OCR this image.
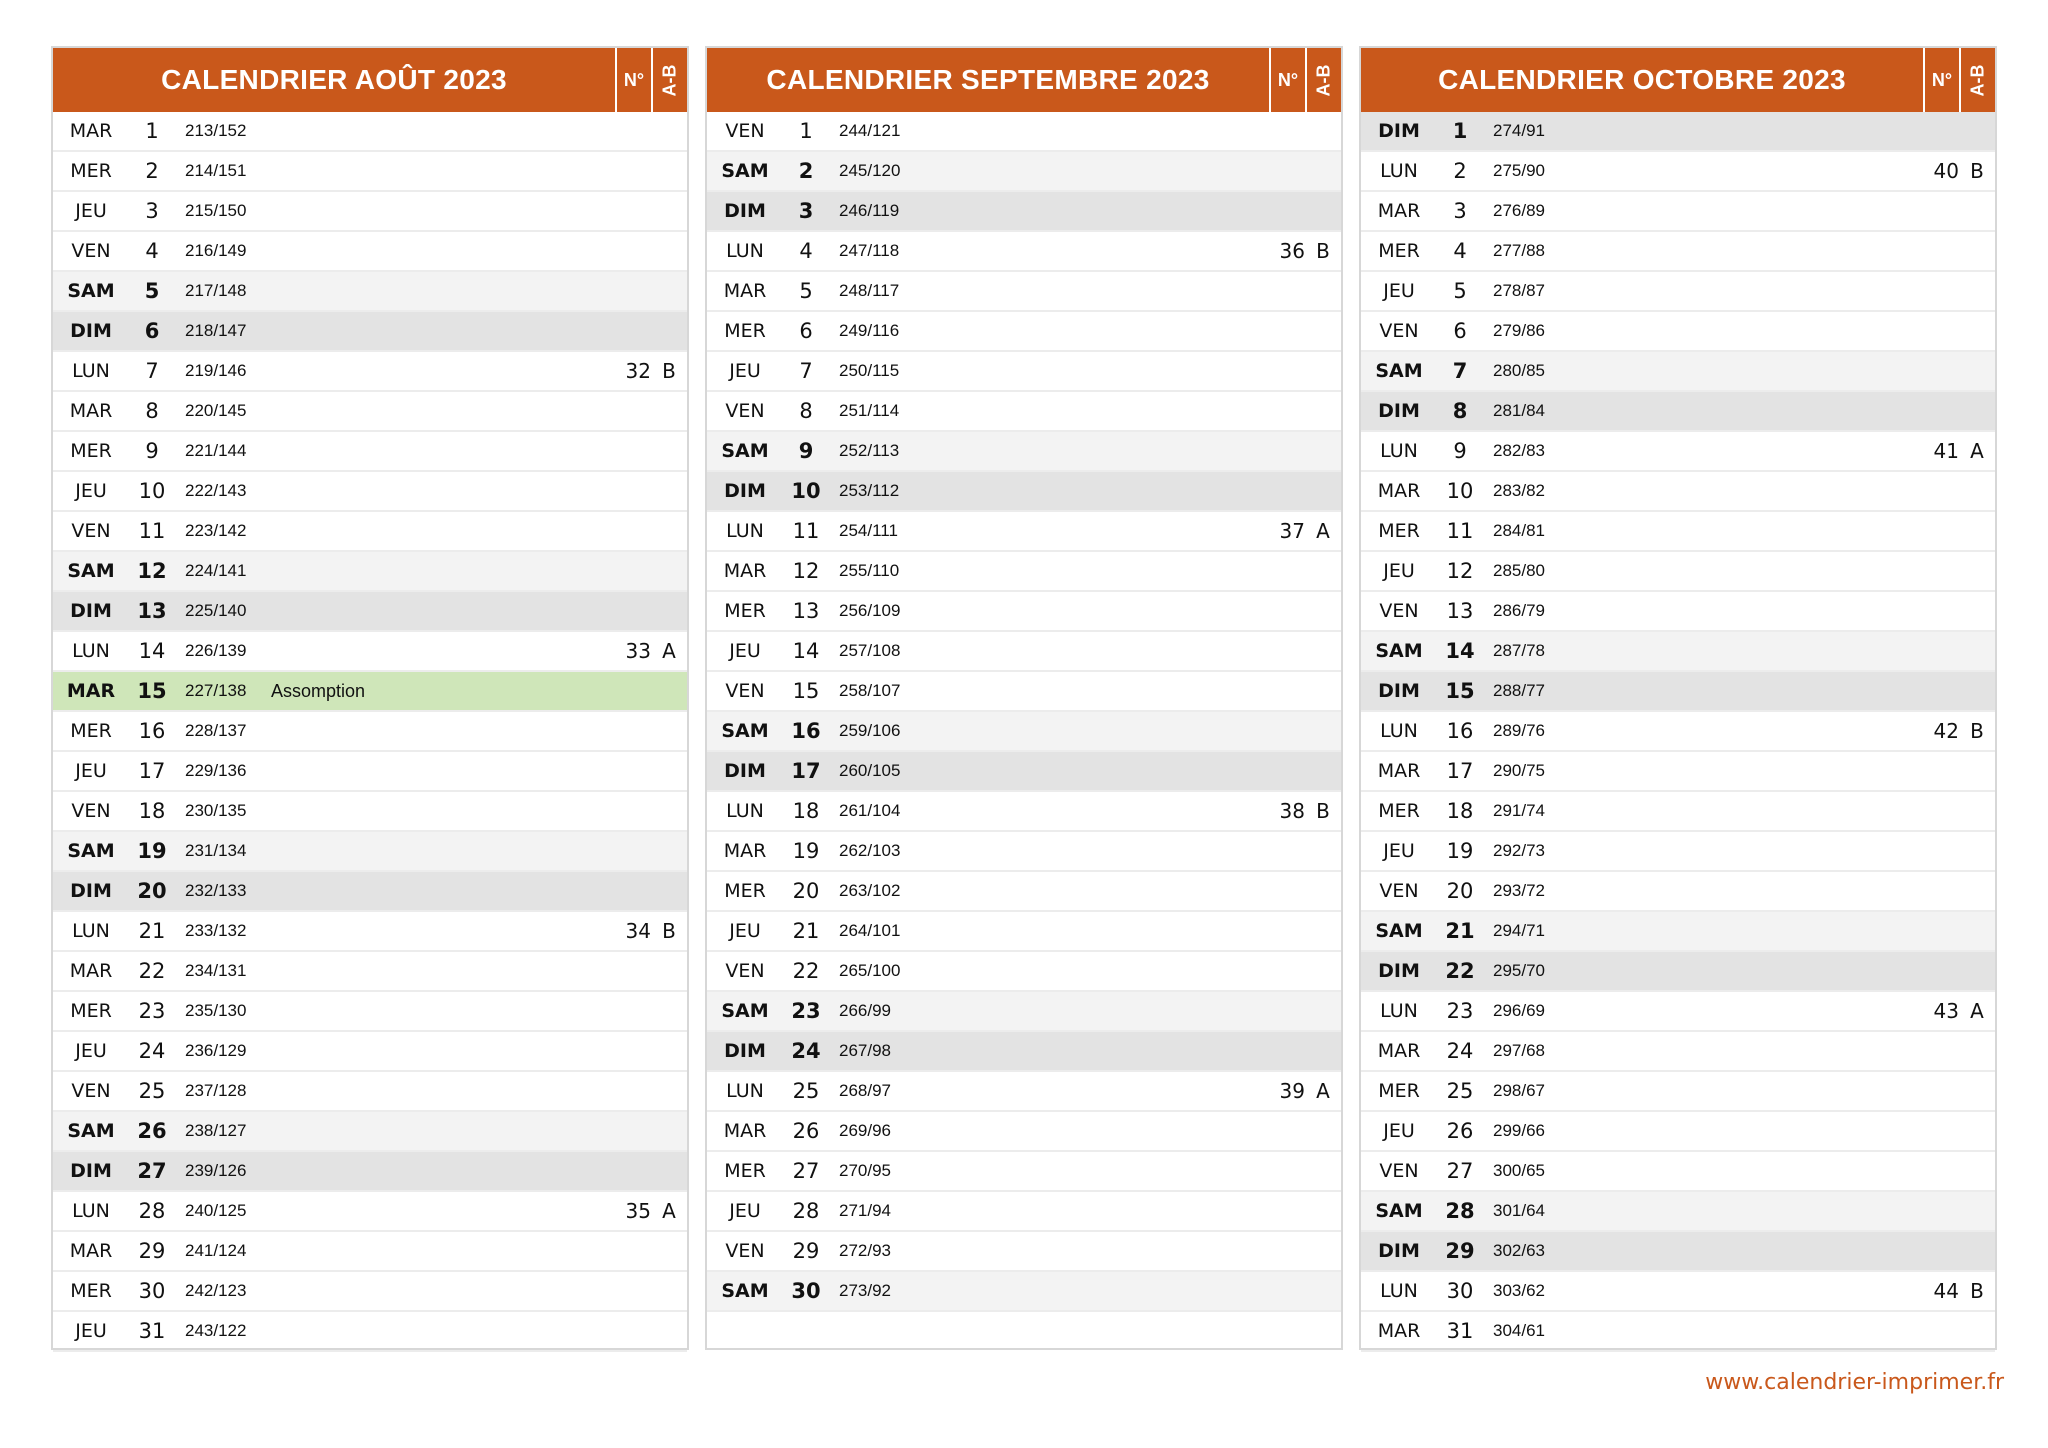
CALENDRIER AOÛT 2023	N° A-B
MAR	1	213/152
MER	2	214/151
JEU	3	215/150
VEN	4	216/149
SAM	5	217/148
DIM	6	218/147
LUN	7	219/146	32 B
MAR	8	220/145
MER	9	221/144
JEU	10	222/143
VEN	11	223/142
SAM	12	224/141
DIM	13	225/140
LUN	14	226/139	33 A
MAR	15	227/138	Assomption
MER	16	228/137
JEU	17	229/136
VEN	18	230/135
SAM	19	231/134
DIM	20	232/133
LUN	21	233/132	34 B
MAR	22	234/131
MER	23	235/130
JEU	24	236/129
VEN	25	237/128
SAM	26	238/127
DIM	27	239/126
LUN	28	240/125	35 A
MAR	29	241/124
MER	30	242/123
JEU	31	243/122
CALENDRIER SEPTEMBRE 2023	N° A-B
VEN	1	244/121
SAM	2	245/120
DIM	3	246/119
LUN	4	247/118	36 B
MAR	5	248/117
MER	6	249/116
JEU	7	250/115
VEN	8	251/114
SAM	9	252/113
DIM	10	253/112
LUN	11	254/111	37 A
MAR	12	255/110
MER	13	256/109
JEU	14	257/108
VEN	15	258/107
SAM	16	259/106
DIM	17	260/105
LUN	18	261/104	38 B
MAR	19	262/103
MER	20	263/102
JEU	21	264/101
VEN	22	265/100
SAM	23	266/99
DIM	24	267/98
LUN	25	268/97	39 A
MAR	26	269/96
MER	27	270/95
JEU	28	271/94
VEN	29	272/93
SAM	30	273/92
CALENDRIER OCTOBRE 2023	N° A-B
DIM	1	274/91
LUN	2	275/90	40 B
MAR	3	276/89
MER	4	277/88
JEU	5	278/87
VEN	6	279/86
SAM	7	280/85
DIM	8	281/84
LUN	9	282/83	41 A
MAR	10	283/82
MER	11	284/81
JEU	12	285/80
VEN	13	286/79
SAM	14	287/78
DIM	15	288/77
LUN	16	289/76	42 B
MAR	17	290/75
MER	18	291/74
JEU	19	292/73
VEN	20	293/72
SAM	21	294/71
DIM	22	295/70
LUN	23	296/69	43 A
MAR	24	297/68
MER	25	298/67
JEU	26	299/66
VEN	27	300/65
SAM	28	301/64
DIM	29	302/63
LUN	30	303/62	44 B
MAR	31	304/61
www.calendrier-imprimer.fr
